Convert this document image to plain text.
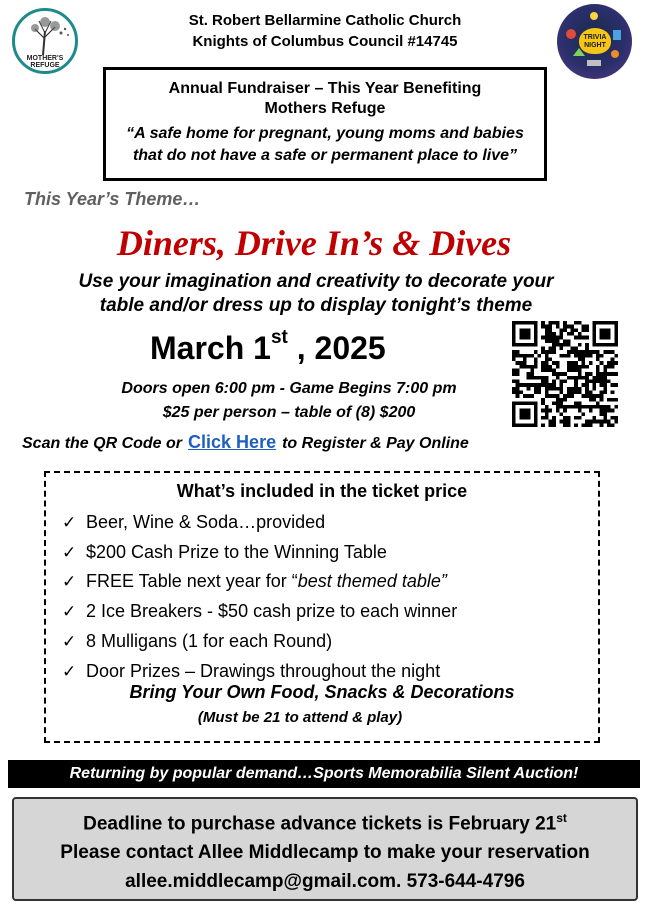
MOTHER'S REFUGE
TRIVIA NIGHT
St. Robert Bellarmine Catholic Church
Knights of Columbus Council #14745
Annual Fundraiser – This Year Benefiting
Mothers Refuge
“A safe home for pregnant, young moms and babies
that do not have a safe or permanent place to live”
This Year’s Theme…
Diners, Drive In’s & Dives
Use your imagination and creativity to decorate your
table and/or dress up to display tonight’s theme
March 1st , 2025
Doors open 6:00 pm - Game Begins 7:00 pm
$25 per person – table of (8) $200
Scan the QR Code or Click Here to Register & Pay Online
What’s included in the ticket price
✓ Beer, Wine & Soda…provided
✓ $200 Cash Prize to the Winning Table
✓ FREE Table next year for “best themed table”
✓ 2 Ice Breakers - $50 cash prize to each winner
✓ 8 Mulligans (1 for each Round)
✓ Door Prizes – Drawings throughout the night
Bring Your Own Food, Snacks & Decorations
(Must be 21 to attend & play)
Returning by popular demand…Sports Memorabilia Silent Auction!
Deadline to purchase advance tickets is February 21st
Please contact Allee Middlecamp to make your reservation
allee.middlecamp@gmail.com. 573-644-4796
